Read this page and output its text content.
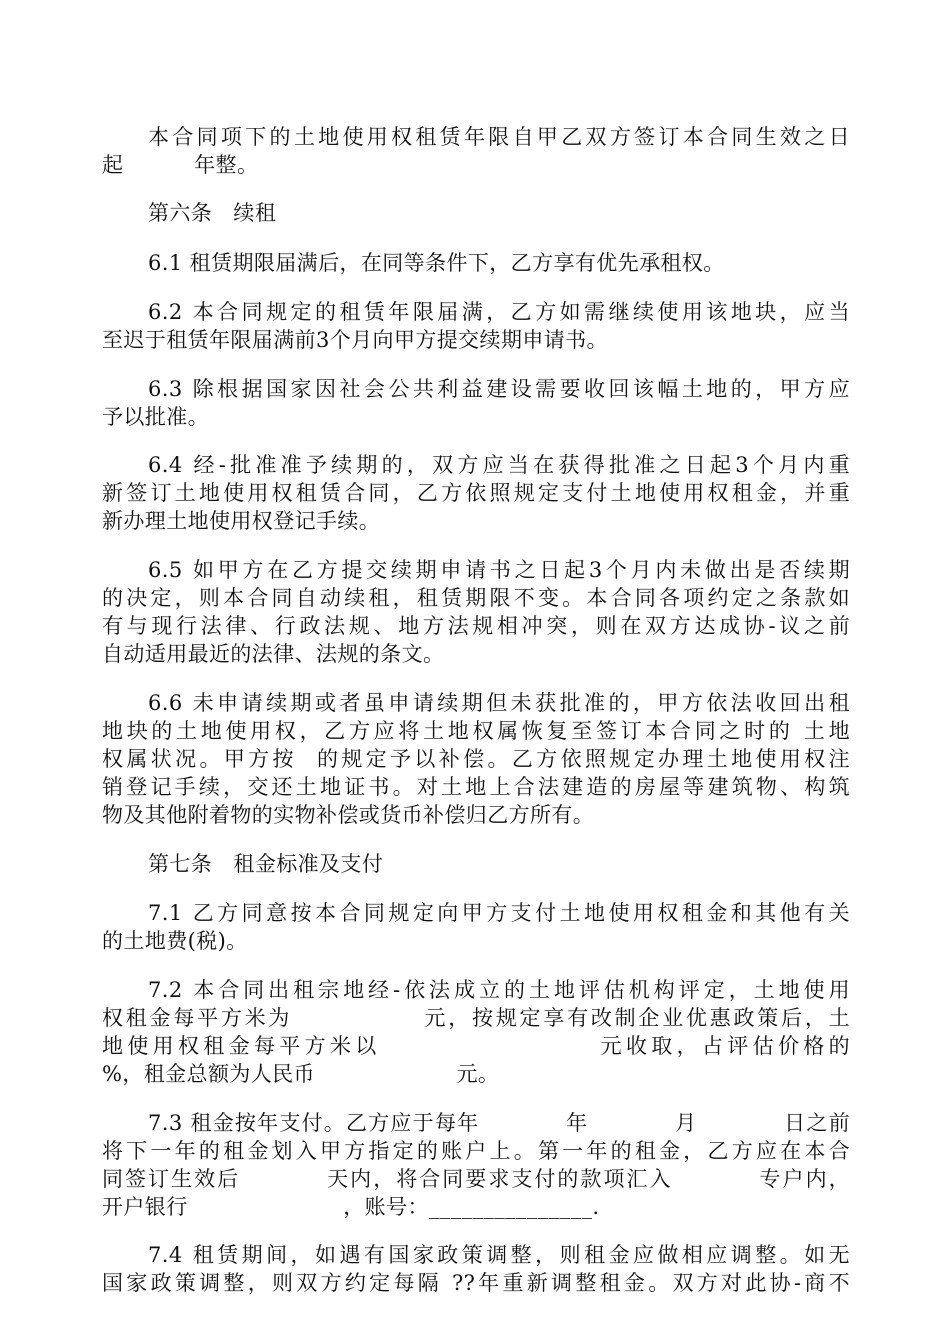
本合同项下的土地使用权租赁年限自甲乙双方签订本合同生效之日
起          年整。
第六条   续租
6.1 租赁期限届满后，在同等条件下，乙方享有优先承租权。
6.2 本合同规定的租赁年限届满，乙方如需继续使用该地块，应当
至迟于租赁年限届满前3个月向甲方提交续期申请书。
6.3 除根据国家因社会公共利益建设需要收回该幅土地的，甲方应
予以批准。
6.4 经-批准准予续期的，双方应当在获得批准之日起3个月内重
新签订土地使用权租赁合同，乙方依照规定支付土地使用权租金，并重
新办理土地使用权登记手续。
6.5 如甲方在乙方提交续期申请书之日起3个月内未做出是否续期
的决定，则本合同自动续租，租赁期限不变。本合同各项约定之条款如
有与现行法律、行政法规、地方法规相冲突，则在双方达成协-议之前
自动适用最近的法律、法规的条文。
6.6 未申请续期或者虽申请续期但未获批准的，甲方依法收回出租
地块的土地使用权，乙方应将土地权属恢复至签订本合同之时的 土地
权属状况。甲方按  的规定予以补偿。乙方依照规定办理土地使用权注
销登记手续，交还土地证书。对土地上合法建造的房屋等建筑物、构筑
物及其他附着物的实物补偿或货币补偿归乙方所有。
第七条   租金标准及支付
7.1 乙方同意按本合同规定向甲方支付土地使用权租金和其他有关
的土地费(税)。
7.2 本合同出租宗地经-依法成立的土地评估机构评定，土地使用
权租金每平方米为              元，按规定享有改制企业优惠政策后，土
地使用权租金每平方米以                    元收取，占评估价格的
%，租金总额为人民币                    元。
7.3 租金按年支付。乙方应于每年           年           月           日之前
将下一年的租金划入甲方指定的账户上。第一年的租金，乙方应在本合
同签订生效后          天内，将合同要求支付的款项汇入          专户内，
开户银行                      ，账号：_______________.
7.4 租赁期间，如遇有国家政策调整，则租金应做相应调整。如无
国家政策调整，则双方约定每隔 ??年重新调整租金。双方对此协-商不
